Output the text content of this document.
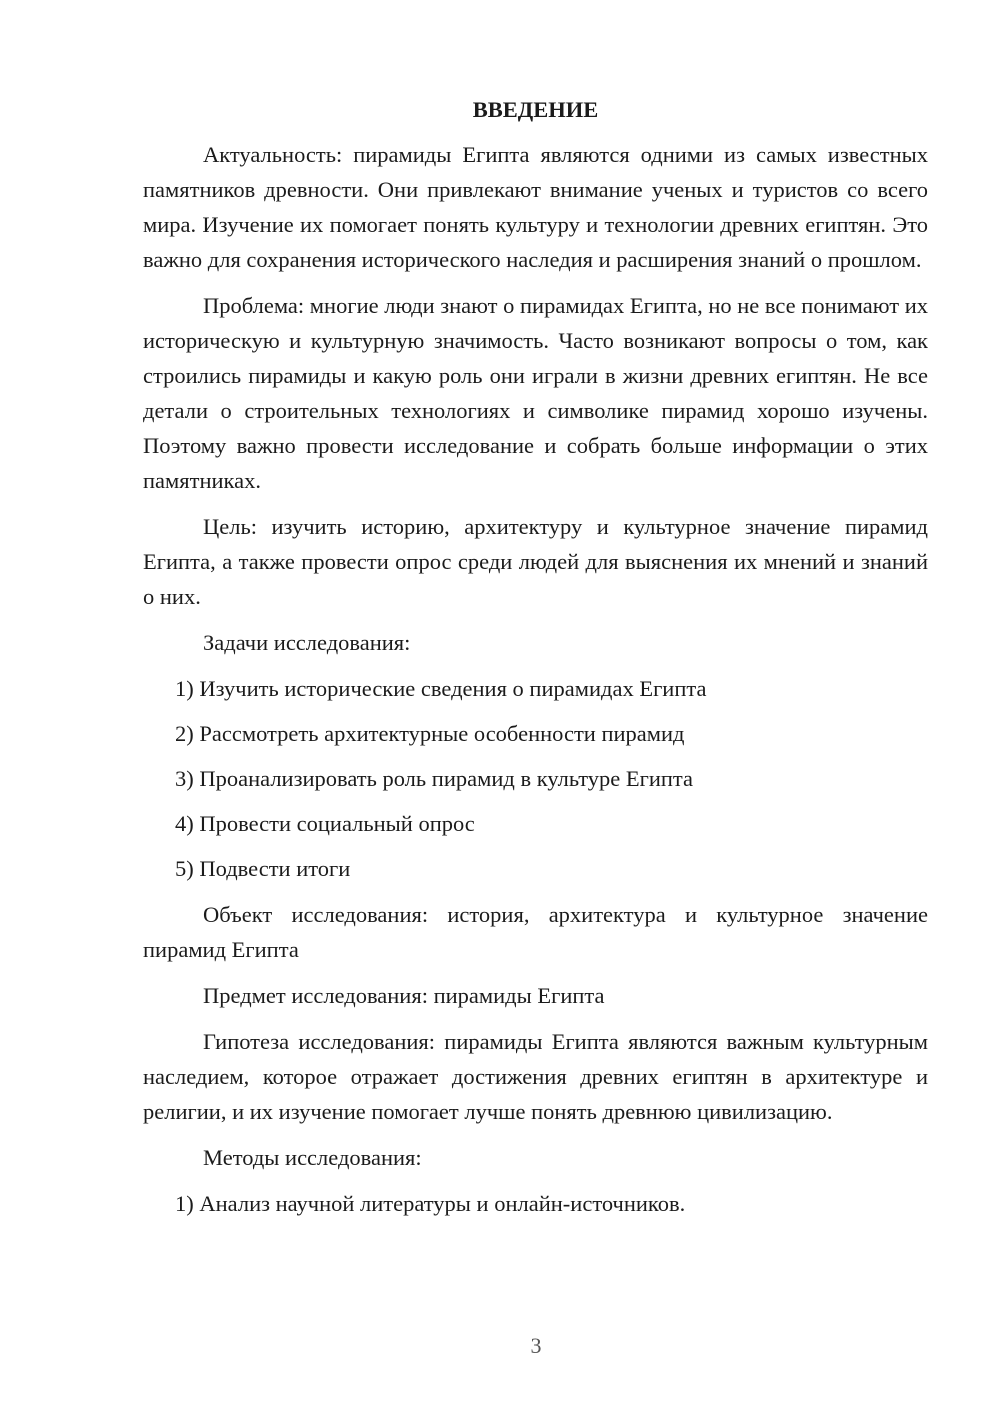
ВВЕДЕНИЕ

Актуальность: пирамиды Египта являются одними из самых известных памятников древности. Они привлекают внимание ученых и туристов со всего мира. Изучение их помогает понять культуру и технологии древних египтян. Это важно для сохранения исторического наследия и расширения знаний о прошлом.

Проблема: многие люди знают о пирамидах Египта, но не все понимают их историческую и культурную значимость. Часто возникают вопросы о том, как строились пирамиды и какую роль они играли в жизни древних египтян. Не все детали о строительных технологиях и символике пирамид хорошо изучены. Поэтому важно провести исследование и собрать больше информации о этих памятниках.

Цель: изучить историю, архитектуру и культурное значение пирамид Египта, а также провести опрос среди людей для выяснения их мнений и знаний о них.

Задачи исследования:

1) Изучить исторические сведения о пирамидах Египта
2) Рассмотреть архитектурные особенности пирамид
3) Проанализировать роль пирамид в культуре Египта
4) Провести социальный опрос
5) Подвести итоги

Объект исследования: история, архитектура и культурное значение пирамид Египта

Предмет исследования: пирамиды Египта

Гипотеза исследования: пирамиды Египта являются важным культурным наследием, которое отражает достижения древних египтян в архитектуре и религии, и их изучение помогает лучше понять древнюю цивилизацию.

Методы исследования:

1) Анализ научной литературы и онлайн-источников.
3
